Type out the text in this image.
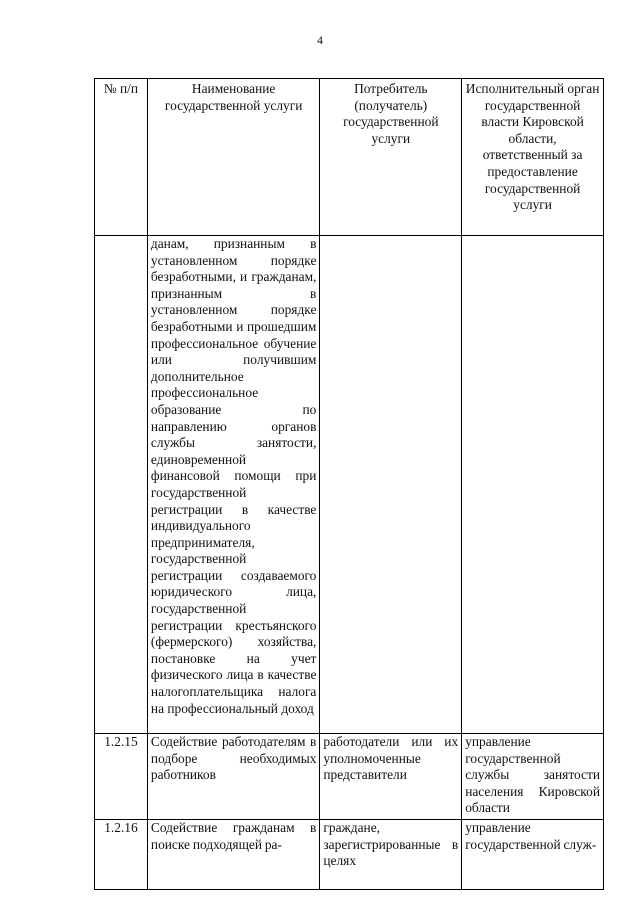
4
№ п/п	Наименование государственной услуги	Потребитель (получатель) государственной услуги	Исполнительный орган государственной власти Кировской области, ответственный за предоставление государственной услуги
	данам, признанным в установленном порядке безработными, и гражданам, признанным в установленном порядке безработными и прошедшим профессиональное обучение или получившим дополнительное профессиональное образование по направлению органов службы занятости, единовременной финансовой помощи при государственной регистрации в качестве индивидуального предпринимателя, государственной регистрации создаваемого юридического лица, государственной регистрации крестьянского (фермерского) хозяйства, постановке на учет физического лица в качестве налогоплательщика налога на профессиональный доход		
1.2.15	Содействие работодателям в подборе необходимых работников	работодатели или их уполномоченные представители	управление государственной службы занятости населения Кировской области
1.2.16	Содействие гражданам в поиске подходящей ра-	граждане, зарегистрированные в целях	управление государственной служ-
